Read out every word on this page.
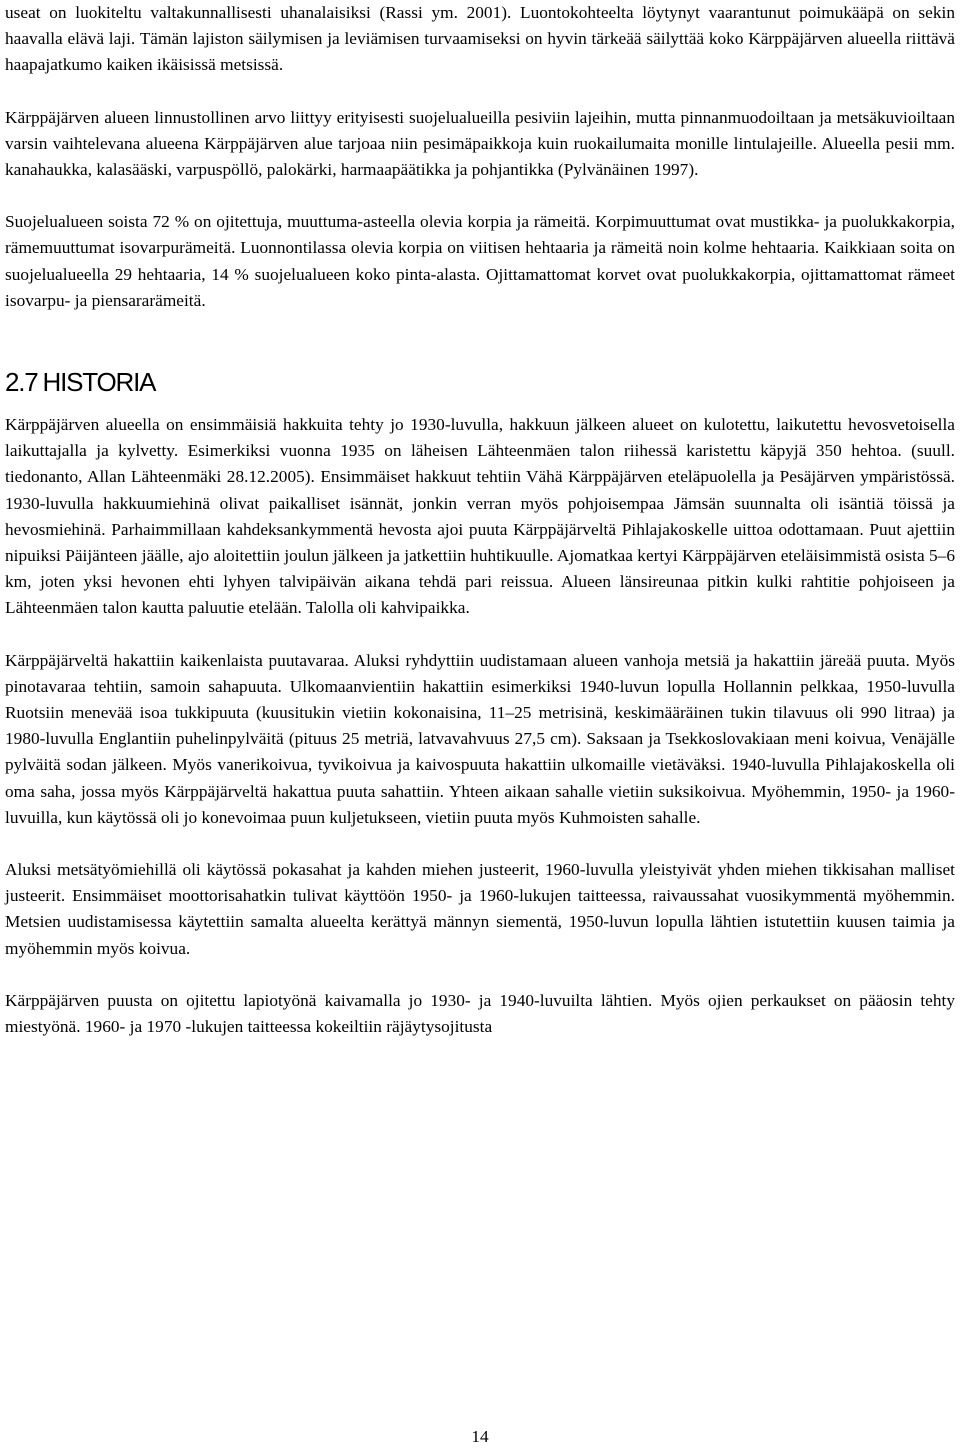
useat on luokiteltu valtakunnallisesti uhanalaisiksi (Rassi ym. 2001). Luontokohteelta löytynyt vaarantunut poimukääpä on sekin haavalla elävä laji. Tämän lajiston säilymisen ja leviämisen turvaamiseksi on hyvin tärkeää säilyttää koko Kärppäjärven alueella riittävä haapajatkumo kaiken ikäisissä metsissä.

Kärppäjärven alueen linnustollinen arvo liittyy erityisesti suojelualueilla pesiviin lajeihin, mutta pinnanmuodoiltaan ja metsäkuvioiltaan varsin vaihtelevana alueena Kärppäjärven alue tarjoaa niin pesimäpaikkoja kuin ruokailumaita monille lintulajeille. Alueella pesii mm. kanahaukka, kalasääski, varpuspöllö, palokärki, harmaapäätikka ja pohjantikka (Pylvänäinen 1997).

Suojelualueen soista 72 % on ojitettuja, muuttuma-asteella olevia korpia ja rämeitä. Korpimuuttumat ovat mustikka- ja puolukkakorpia, rämemuuttumat isovarpurämeitä. Luonnontilassa olevia korpia on viitisen hehtaaria ja rämeitä noin kolme hehtaaria. Kaikkiaan soita on suojelualueella 29 hehtaaria, 14 % suojelualueen koko pinta-alasta. Ojittamattomat korvet ovat puolukkakorpia, ojittamattomat rämeet isovarpu- ja piensararämeitä.

2.7 HISTORIA

Kärppäjärven alueella on ensimmäisiä hakkuita tehty jo 1930-luvulla, hakkuun jälkeen alueet on kulotettu, laikutettu hevosvetoisella laikuttajalla ja kylvetty. Esimerkiksi vuonna 1935 on läheisen Lähteenmäen talon riihessä karistettu käpyjä 350 hehtoa. (suull. tiedonanto, Allan Lähteenmäki 28.12.2005). Ensimmäiset hakkuut tehtiin Vähä Kärppäjärven eteläpuolella ja Pesäjärven ympäristössä. 1930-luvulla hakkuumiehinä olivat paikalliset isännät, jonkin verran myös pohjoisempaa Jämsän suunnalta oli isäntiä töissä ja hevosmiehinä. Parhaimmillaan kahdeksankymmentä hevosta ajoi puuta Kärppäjärveltä Pihlajakoskelle uittoa odottamaan. Puut ajettiin nipuiksi Päijänteen jäälle, ajo aloitettiin joulun jälkeen ja jatkettiin huhtikuulle. Ajomatkaa kertyi Kärppäjärven eteläisimmistä osista 5–6 km, joten yksi hevonen ehti lyhyen talvipäivän aikana tehdä pari reissua. Alueen länsireunaa pitkin kulki rahtitie pohjoiseen ja Lähteenmäen talon kautta paluutie etelään. Talolla oli kahvipaikka.

Kärppäjärveltä hakattiin kaikenlaista puutavaraa. Aluksi ryhdyttiin uudistamaan alueen vanhoja metsiä ja hakattiin järeää puuta. Myös pinotavaraa tehtiin, samoin sahapuuta. Ulkomaanvientiin hakattiin esimerkiksi 1940-luvun lopulla Hollannin pelkkaa, 1950-luvulla Ruotsiin menevää isoa tukkipuuta (kuusitukin vietiin kokonaisina, 11–25 metrisinä, keskimääräinen tukin tilavuus oli 990 litraa) ja 1980-luvulla Englantiin puhelinpylväitä (pituus 25 metriä, latvavahvuus 27,5 cm). Saksaan ja Tsekkoslovakiaan meni koivua, Venäjälle pylväitä sodan jälkeen. Myös vanerikoivua, tyvikoivua ja kaivospuuta hakattiin ulkomaille vietäväksi. 1940-luvulla Pihlajakoskella oli oma saha, jossa myös Kärppäjärveltä hakattua puuta sahattiin. Yhteen aikaan sahalle vietiin suksikoivua. Myöhemmin, 1950- ja 1960-luvuilla, kun käytössä oli jo konevoimaa puun kuljetukseen, vietiin puuta myös Kuhmoisten sahalle.

Aluksi metsätyömiehillä oli käytössä pokasahat ja kahden miehen justeerit, 1960-luvulla yleistyivät yhden miehen tikkisahan malliset justeerit. Ensimmäiset moottorisahatkin tulivat käyttöön 1950- ja 1960-lukujen taitteessa, raivaussahat vuosikymmentä myöhemmin. Metsien uudistamisessa käytettiin samalta alueelta kerättyä männyn siementä, 1950-luvun lopulla lähtien istutettiin kuusen taimia ja myöhemmin myös koivua.

Kärppäjärven puusta on ojitettu lapiotyönä kaivamalla jo 1930- ja 1940-luvuilta lähtien. Myös ojien perkaukset on pääosin tehty miestyönä. 1960- ja 1970 -lukujen taitteessa kokeiltiin räjäytysojitusta

14
